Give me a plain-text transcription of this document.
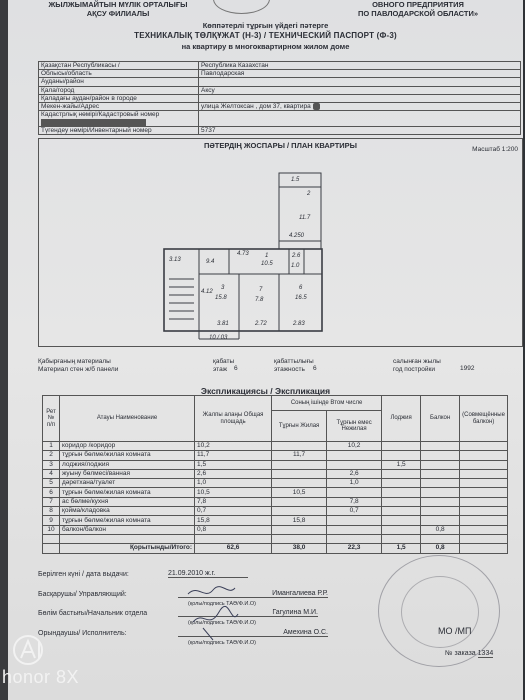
ЖЫЛЖЫМАЙТЫН МҮЛІК ОРТАЛЫҒЫ
АҚСУ ФИЛИАЛЫ
ОВНОГО ПРЕДПРИЯТИЯ
ПО ПАВЛОДАРСКОЙ ОБЛАСТИ»
Көппәтерлі тұрғын үйдегі пәтерге
ТЕХНИКАЛЫҚ ТӨЛҚҰЖАТ (Н-3) / ТЕХНИЧЕСКИЙ ПАСПОРТ (Ф-3)
на квартиру в многоквартирном жилом доме
Қазақстан Республикасы /	Республика Казахстан
Облысы/область	Павлодарская
Ауданы/район	
Қала/город	Аксу
Қаладағы аудан/район в городе	
Мекен-жайы/Адрес	улица Желтоксан , дом 37, квартира
Кадастрлық нөмірі/Кадастровый номер	
Түгендеу нөмірі/Инвентарный номер	5737
ПӘТЕРДІҢ ЖОСПАРЫ / ПЛАН КВАРТИРЫ	Масштаб 1:200
1.5
2
11.7
4.250
4.73	1
10.5
9.4
2.6
1.0
3
15.8
7
7.8
6
16.5
4.12
3.81	2.72	2.83
10 / 03
3.13
Қабырғаның материалы
Материал стен ж/б панели
қабаты
этаж 6
қабаттылығы
этажность 6
салынған жылы
год постройки	1992
Экспликациясы / Экспликация
Рет № п/п	Атауы Наименование	Жалпы алаңы Общая площадь	Соның ішінде Втом числе		Лоджия	Балкон	(Совмещённые балкон)
			Тұрғын Жилая	Тұрғын емес Нежилая			
1	коридор /коридор	10,2		10,2			
2	тұрғын бөлме/жилая комната	11,7	11,7				
3	лоджия/лоджия	1,5			1,5		
4	жуыну бөлмесі/ванная	2,6		2,6			
5	дәретхана/туалет	1,0		1,0			
6	тұрғын бөлме/жилая комната	10,5	10,5				
7	ас бөлме/кухня	7,8		7,8			
8	қойма/кладовка	0,7		0,7			
9	тұрғын бөлме/жилая комната	15,8	15,8				
10	балкон/балкон	0,8				0,8	

	Қорытынды/Итого:	62,6	38,0	22,3	1,5	0,8	
Берілген күні / дата выдачи:	21.09.2010 ж.г.
Басқарушы/ Управляющий:	Имангалиева Р.Р.
(қолы/подпись ТАӘ/Ф.И.О)
Бөлім бастығы/Начальник отдела	Гагулина М.И.
(қолы/подпись ТАӘ/Ф.И.О)
Орындаушы/ Исполнитель:	Амехина О.С.
(қолы/подпись ТАӘ/Ф.И.О)
МО /МП
№ заказа 1334
honor 8X
